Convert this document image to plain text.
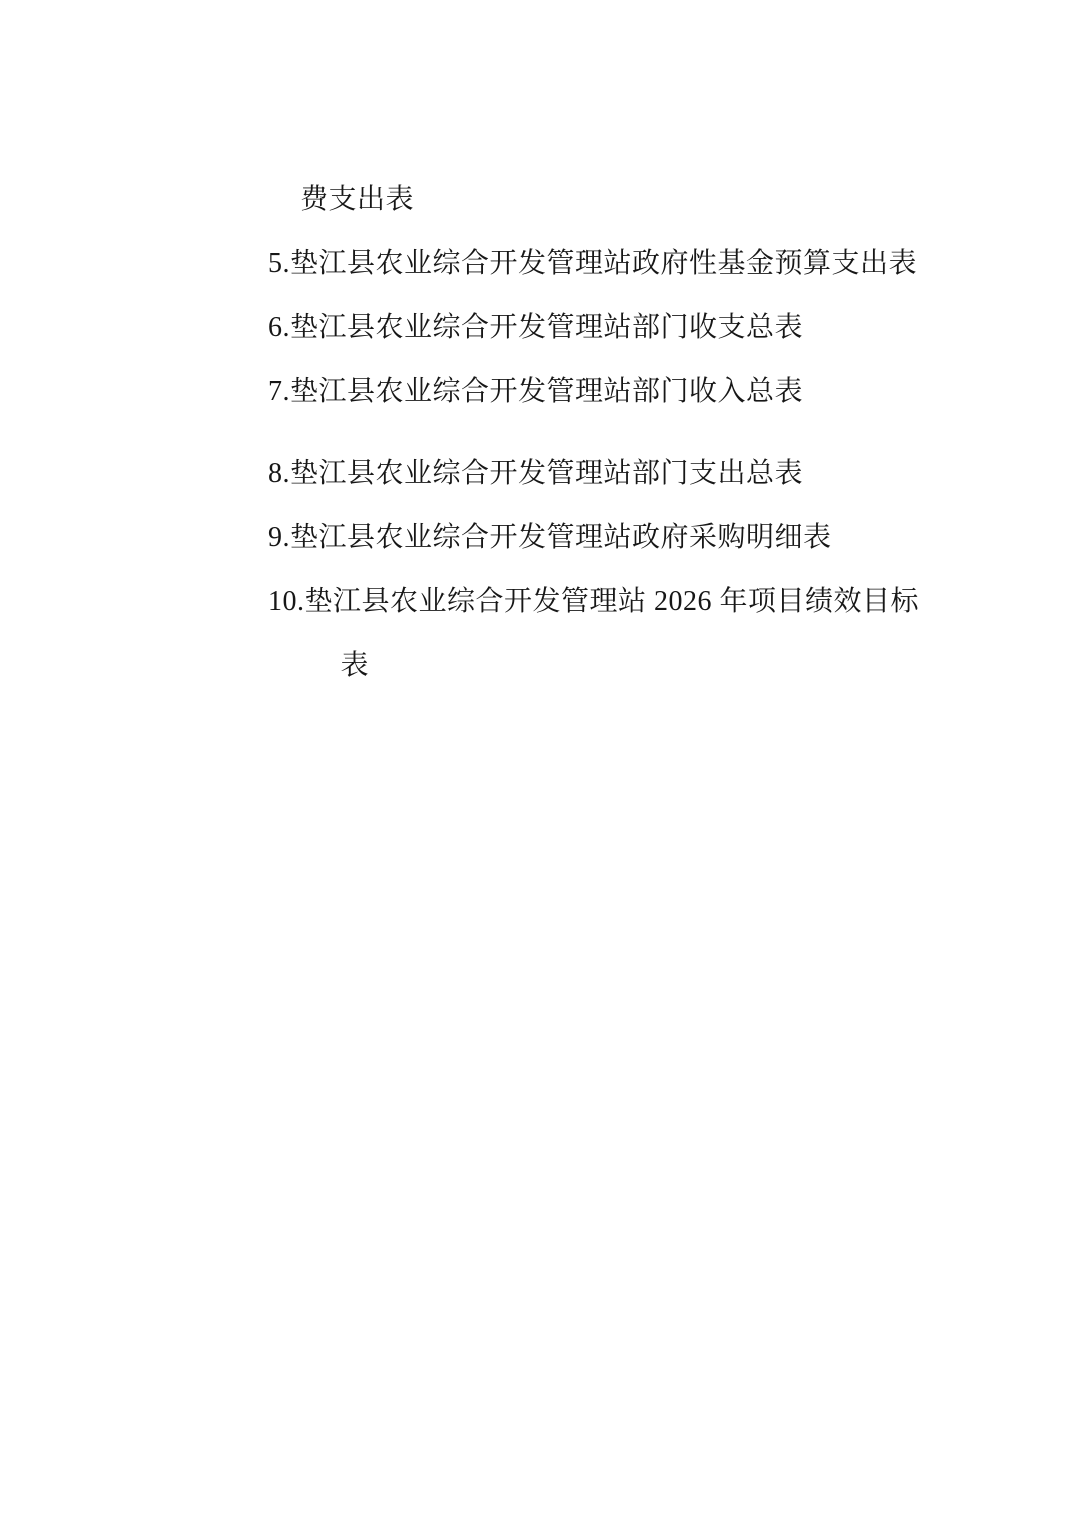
费支出表
5. 垫江县农业综合开发管理站政府性基金预算支出表
6. 垫江县农业综合开发管理站部门收支总表
7. 垫江县农业综合开发管理站部门收入总表
8. 垫江县农业综合开发管理站部门支出总表
9. 垫江县农业综合开发管理站政府采购明细表
10. 垫江县农业综合开发管理站 2026 年项目绩效目标
表
